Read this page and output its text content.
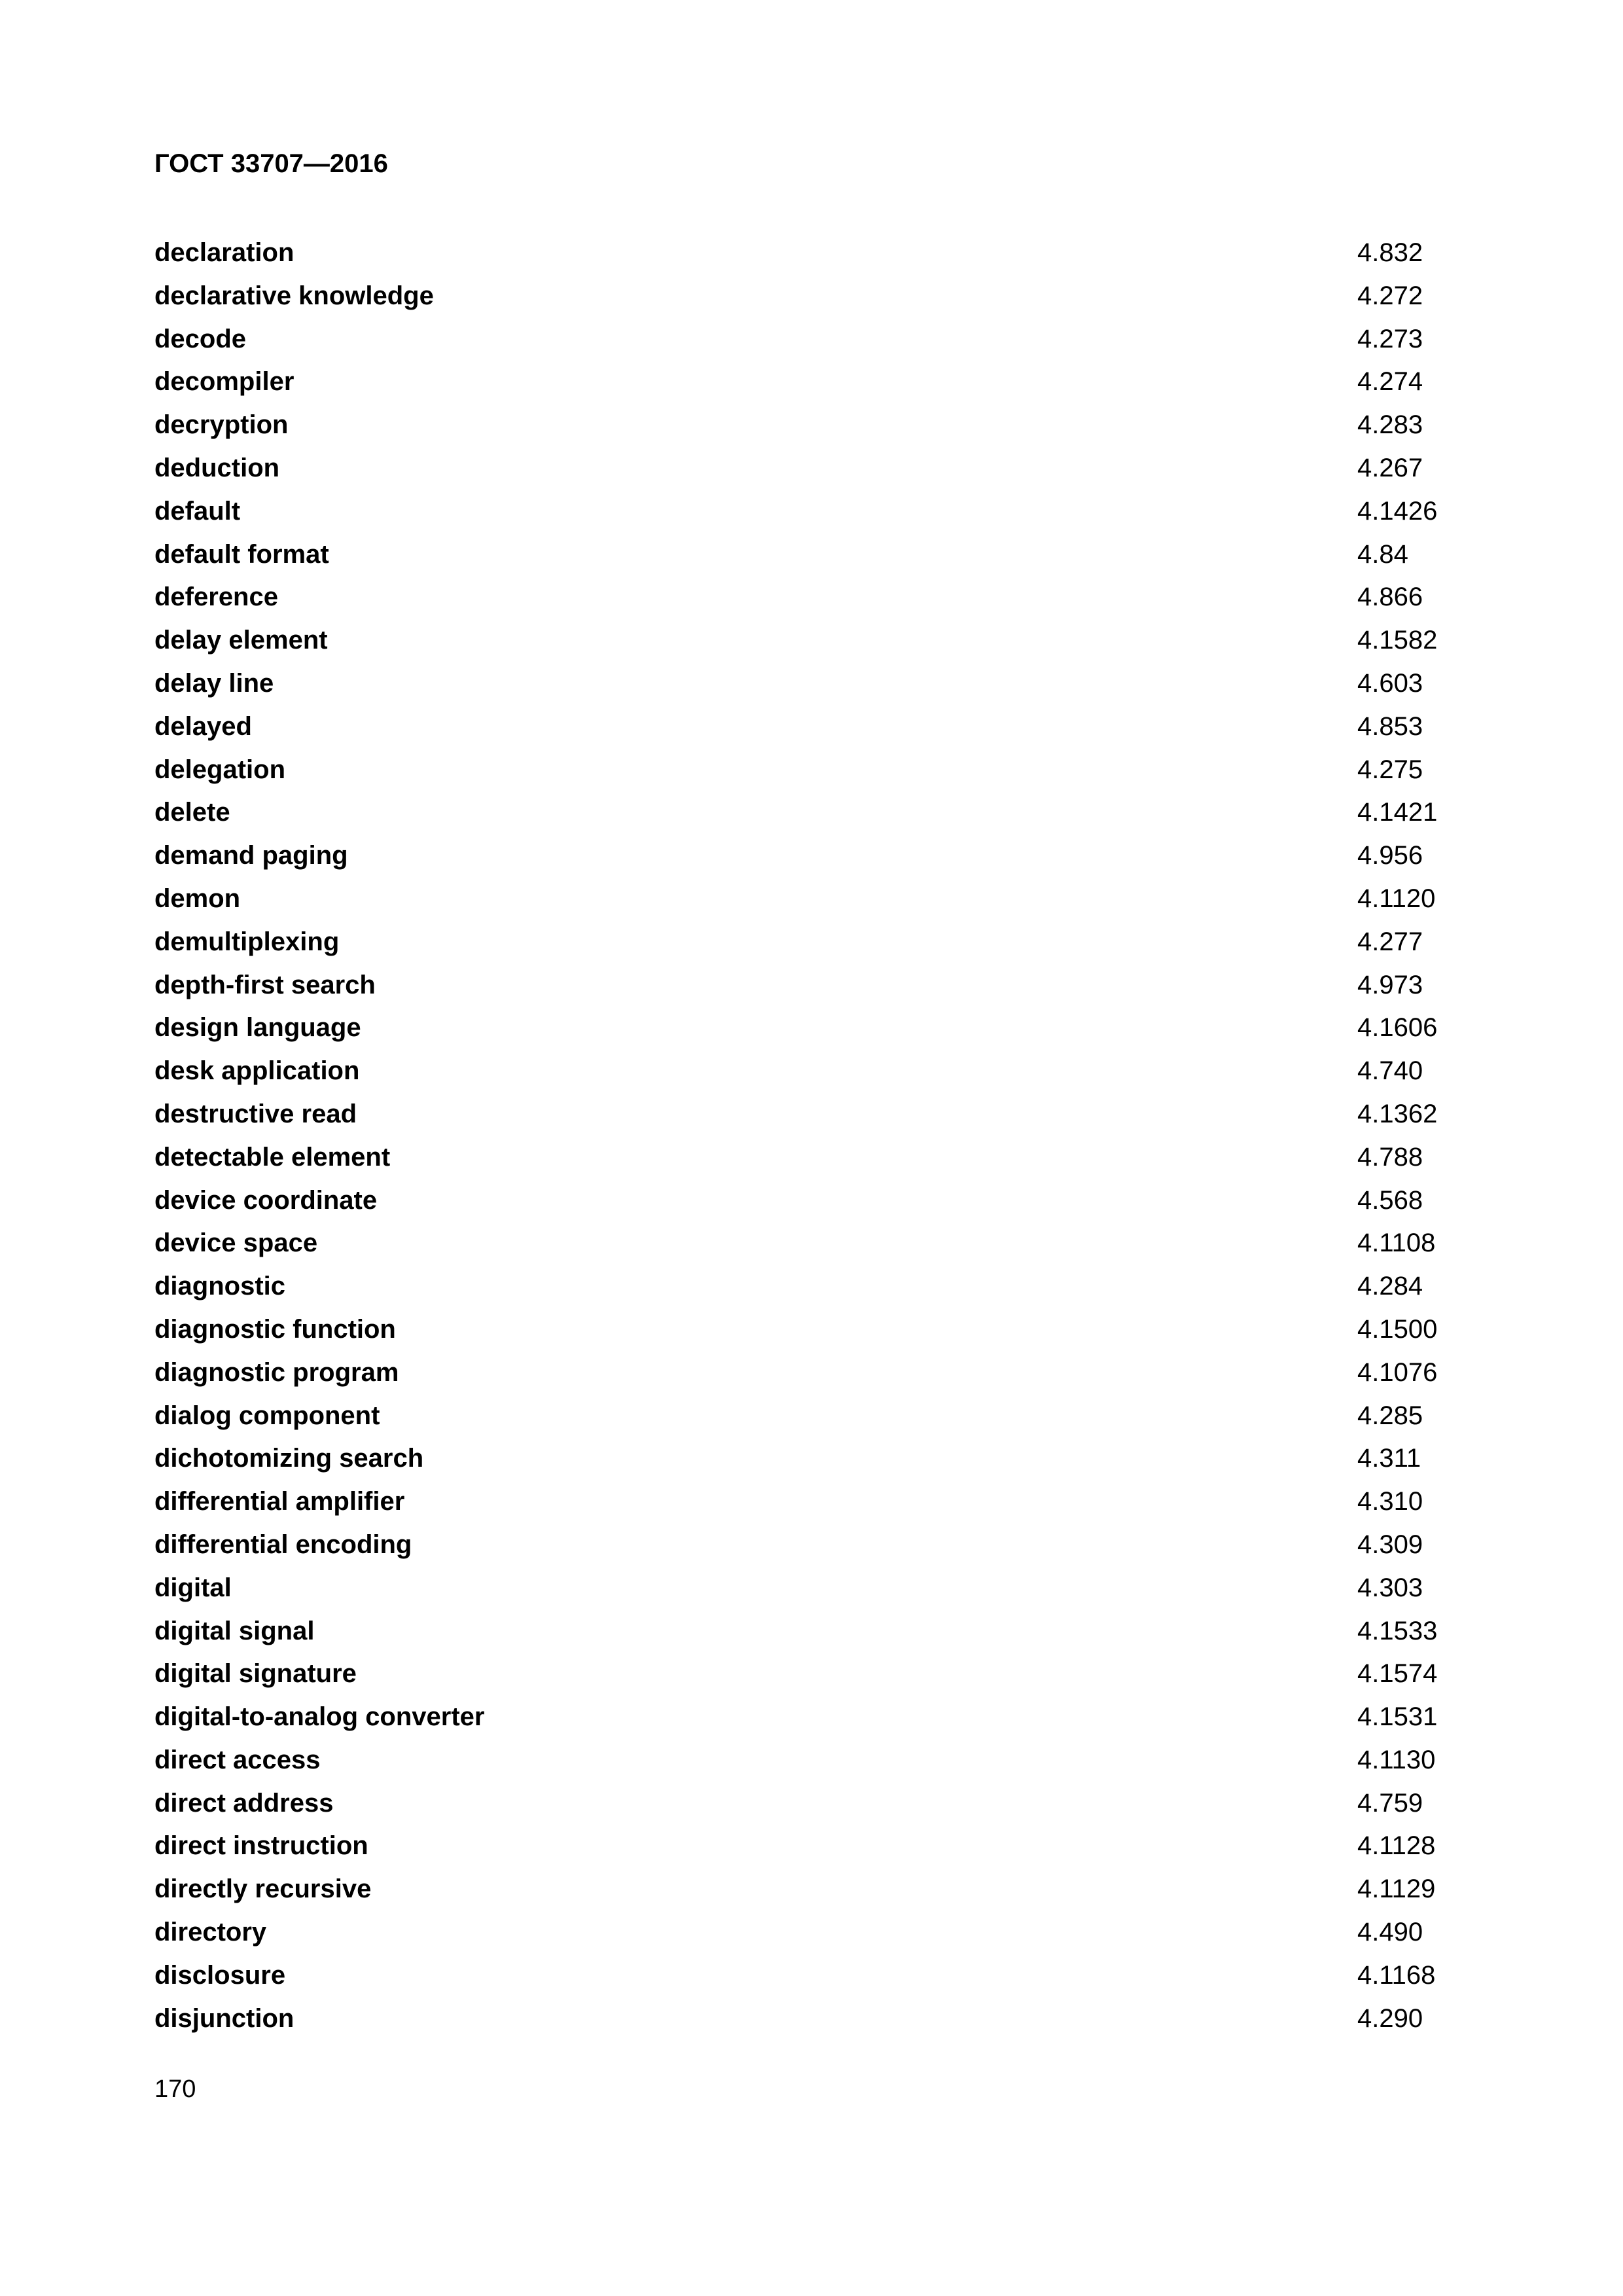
ГОСТ 33707—2016
declaration	4.832
declarative knowledge	4.272
decode	4.273
decompiler	4.274
decryption	4.283
deduction	4.267
default	4.1426
default format	4.84
deference	4.866
delay element	4.1582
delay line	4.603
delayed	4.853
delegation	4.275
delete	4.1421
demand paging	4.956
demon	4.1120
demultiplexing	4.277
depth-first search	4.973
design language	4.1606
desk application	4.740
destructive read	4.1362
detectable element	4.788
device coordinate	4.568
device space	4.1108
diagnostic	4.284
diagnostic function	4.1500
diagnostic program	4.1076
dialog component	4.285
dichotomizing search	4.311
differential amplifier	4.310
differential encoding	4.309
digital	4.303
digital signal	4.1533
digital signature	4.1574
digital-to-analog converter	4.1531
direct access	4.1130
direct address	4.759
direct instruction	4.1128
directly recursive	4.1129
directory	4.490
disclosure	4.1168
disjunction	4.290
170
